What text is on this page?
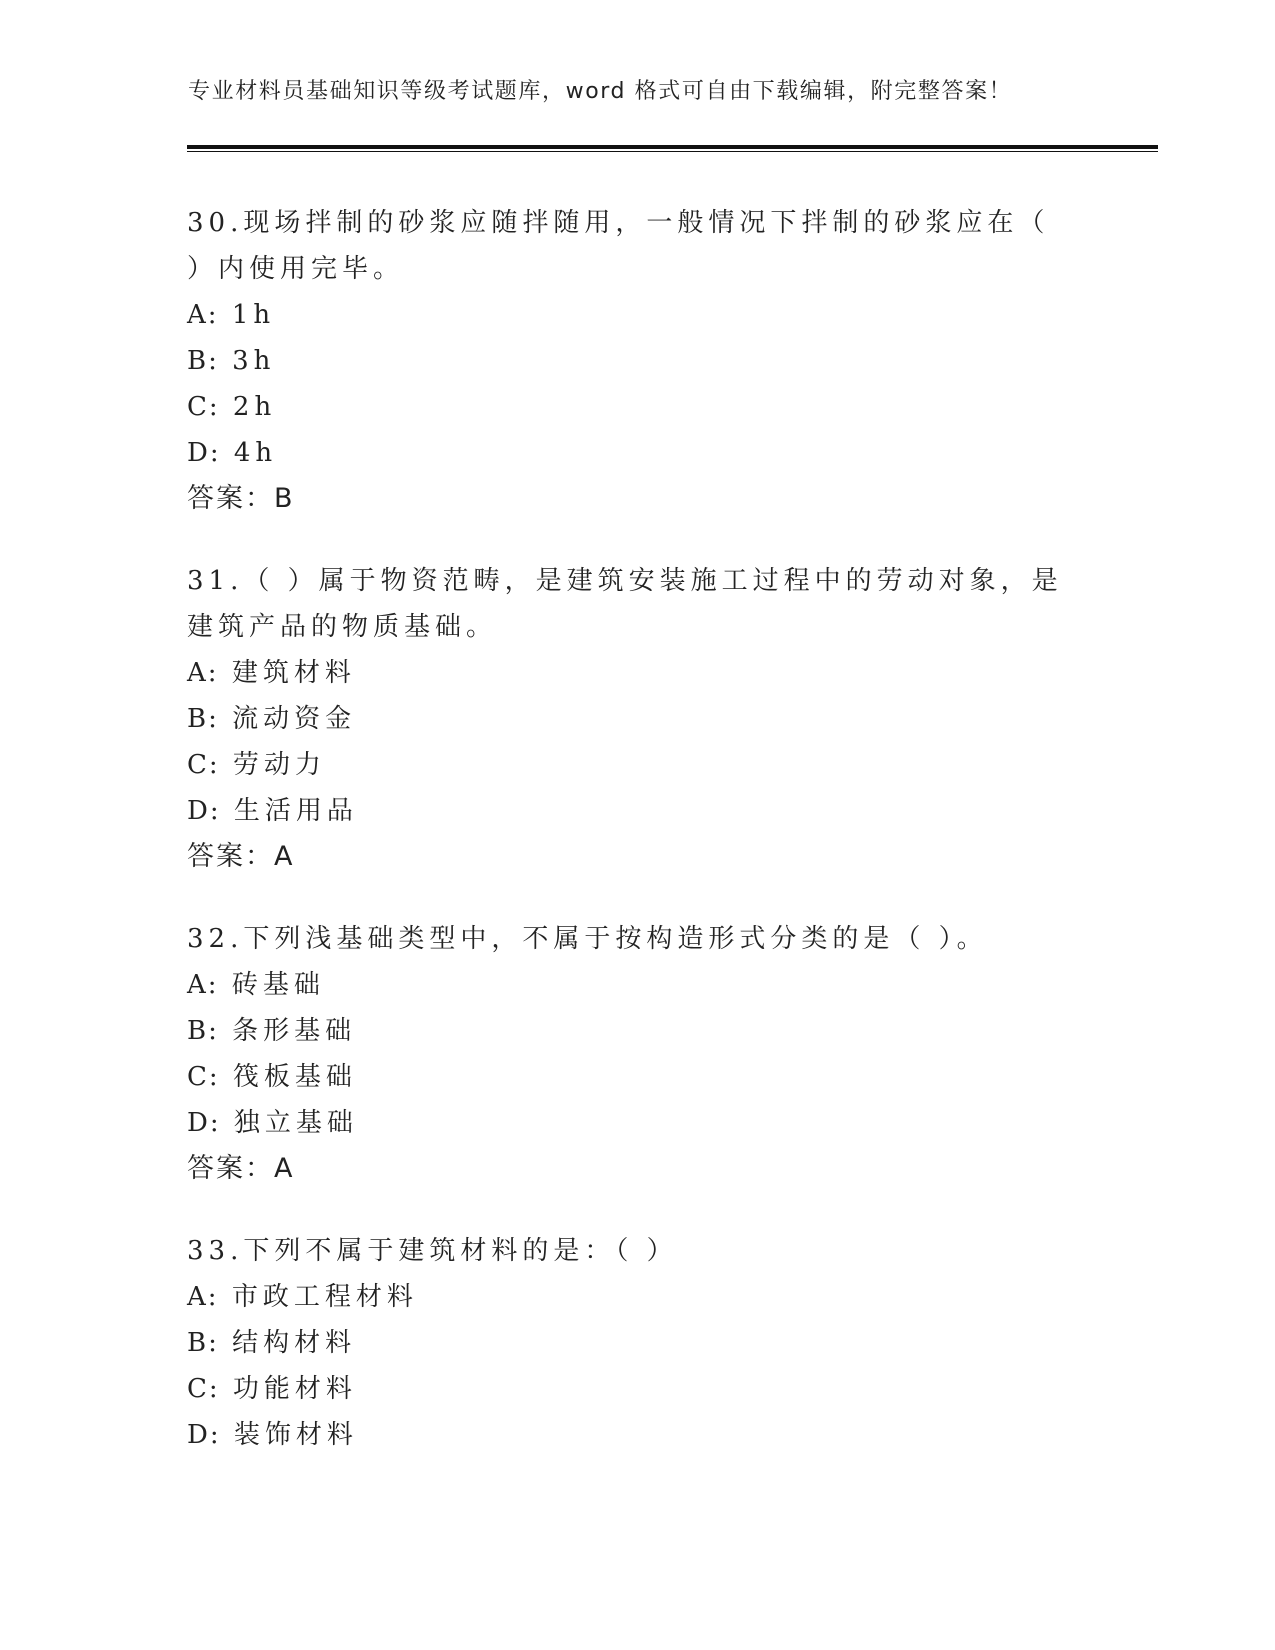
专业材料员基础知识等级考试题库，word 格式可自由下载编辑，附完整答案！

30.现场拌制的砂浆应随拌随用，一般情况下拌制的砂浆应在（ ）内使用完毕。

A: 1h

B: 3h

C: 2h

D: 4h

答案：B

31.（ ）属于物资范畴，是建筑安装施工过程中的劳动对象，是建筑产品的物质基础。

A: 建筑材料

B: 流动资金

C: 劳动力

D: 生活用品

答案：A

32.下列浅基础类型中，不属于按构造形式分类的是（ ）。

A: 砖基础

B: 条形基础

C: 筏板基础

D: 独立基础

答案：A

33.下列不属于建筑材料的是：（ ）

A: 市政工程材料

B: 结构材料

C: 功能材料

D: 装饰材料
